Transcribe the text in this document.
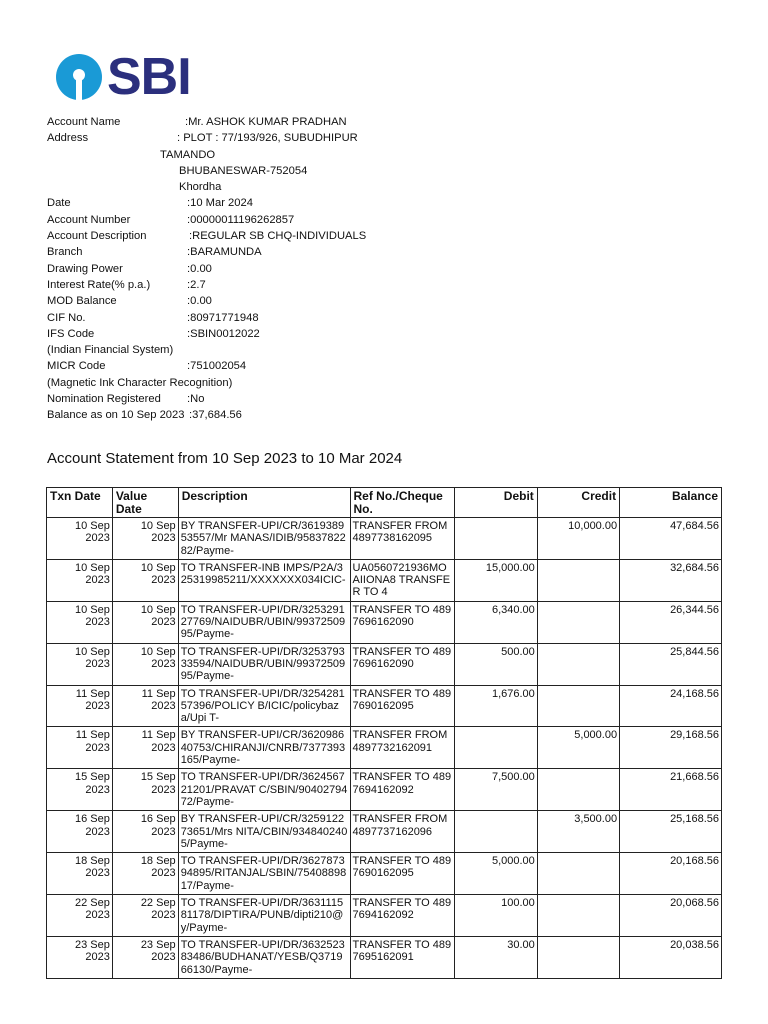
SBI
Account Name	:Mr. ASHOK KUMAR PRADHAN
Address	: PLOT : 77/193/926, SUBUDHIPUR
TAMANDO
BHUBANESWAR-752054
Khordha
Date	:10 Mar 2024
Account Number	:00000011196262857
Account Description	:REGULAR SB CHQ-INDIVIDUALS
Branch	:BARAMUNDA
Drawing Power	:0.00
Interest Rate(% p.a.)	:2.7
MOD Balance	:0.00
CIF No.	:80971771948
IFS Code	:SBIN0012022
(Indian Financial System)
MICR Code	:751002054
(Magnetic Ink Character Recognition)
Nomination Registered :No
Balance as on 10 Sep 2023 :37,684.56
Account Statement from 10 Sep 2023 to 10 Mar 2024
Txn Date	Value Date	Description	Ref No./Cheque No.	Debit	Credit	Balance
10 Sep 2023	10 Sep 2023	BY TRANSFER-UPI/CR/361938953557/Mr MANAS/IDIB/9583782282/Payme-	TRANSFER FROM 4897738162095		10,000.00	47,684.56
10 Sep 2023	10 Sep 2023	TO TRANSFER-INB IMPS/P2A/325319985211/XXXXXXX034ICIC-	UA0560721936MOAIIONA8 TRANSFER TO 4	15,000.00		32,684.56
10 Sep 2023	10 Sep 2023	TO TRANSFER-UPI/DR/325329127769/NAIDUBR/UBIN/9937250995/Payme-	TRANSFER TO 4897696162090	6,340.00		26,344.56
10 Sep 2023	10 Sep 2023	TO TRANSFER-UPI/DR/325379333594/NAIDUBR/UBIN/9937250995/Payme-	TRANSFER TO 4897696162090	500.00		25,844.56
11 Sep 2023	11 Sep 2023	TO TRANSFER-UPI/DR/325428157396/POLICY B/ICIC/policybaza/Upi T-	TRANSFER TO 4897690162095	1,676.00		24,168.56
11 Sep 2023	11 Sep 2023	BY TRANSFER-UPI/CR/362098640753/CHIRANJI/CNRB/7377393165/Payme-	TRANSFER FROM 4897732162091		5,000.00	29,168.56
15 Sep 2023	15 Sep 2023	TO TRANSFER-UPI/DR/362456721201/PRAVAT C/SBIN/9040279472/Payme-	TRANSFER TO 4897694162092	7,500.00		21,668.56
16 Sep 2023	16 Sep 2023	BY TRANSFER-UPI/CR/325912273651/Mrs NITA/CBIN/9348402405/Payme-	TRANSFER FROM 4897737162096		3,500.00	25,168.56
18 Sep 2023	18 Sep 2023	TO TRANSFER-UPI/DR/362787394895/RITANJAL/SBIN/7540889817/Payme-	TRANSFER TO 4897690162095	5,000.00		20,168.56
22 Sep 2023	22 Sep 2023	TO TRANSFER-UPI/DR/363111581178/DIPTIRA/PUNB/dipti210@y/Payme-	TRANSFER TO 4897694162092	100.00		20,068.56
23 Sep 2023	23 Sep 2023	TO TRANSFER-UPI/DR/363252383486/BUDHANAT/YESB/Q371966130/Payme-	TRANSFER TO 4897695162091	30.00		20,038.56
